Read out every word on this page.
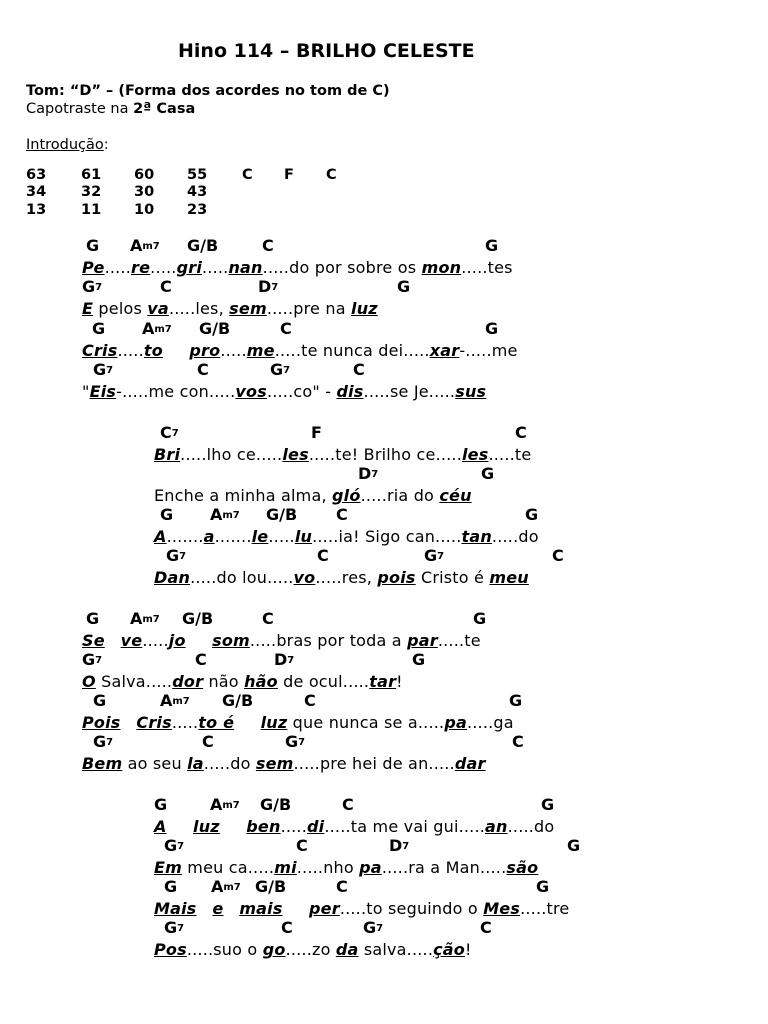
Hino 114 – BRILHO CELESTE
Tom: “D” – (Forma dos acordes no tom de C)
Capotraste na 2ª Casa
Introdução:
63 61 60 55 C F C
34 32 30 43
13 11 10 23
G $A^{m7}$ G/B	C	G
Pe.....re.....gri.....nan.....do por sobre os mon.....tes
$G^7$	C	$D^7$	G
E pelos va.....les, sem.....pre na luz
G $A^{m7}$ G/B	C	G
Cris.....to pro.....me.....te nunca dei.....xar-.....me
$G^7$	C	$G^7$	C
"Eis-.....me con.....vos.....co" - dis.....se Je.....sus
$C^7$	F	C
Bri.....lho ce.....les.....te! Brilho ce.....les.....te
$D^7$	G
Enche a minha alma, gló.....ria do céu
G $A^{m7}$ G/B C	G
A.......a.......le.....lu.....ia! Sigo can.....tan.....do
$G^7$	C	$G^7$	C
Dan.....do lou.....vo.....res, pois Cristo é meu
G $A^{m7}$ G/B	C	G
Se ve.....jo som.....bras por toda a par.....te
$G^7$	C	$D^7$	G
O Salva.....dor não hão de ocul.....tar!
G	$A^{m7}$ G/B	C	G
Pois Cris.....to é luz que nunca se a.....pa.....ga
$G^7$	C	$G^7$	C
Bem ao seu la.....do sem.....pre hei de an.....dar
G	$A^{m7}$ G/B	C	G
A luz ben.....di.....ta me vai gui.....an.....do
$G^7$	C	$D^7$	G
Em meu ca.....mi.....nho pa.....ra a Man.....são
G $A^{m7}$ G/B	C	G
Mais e mais per.....to seguindo o Mes.....tre
$G^7$	C	$G^7$	C
Pos.....suo o go.....zo da salva.....ção!
